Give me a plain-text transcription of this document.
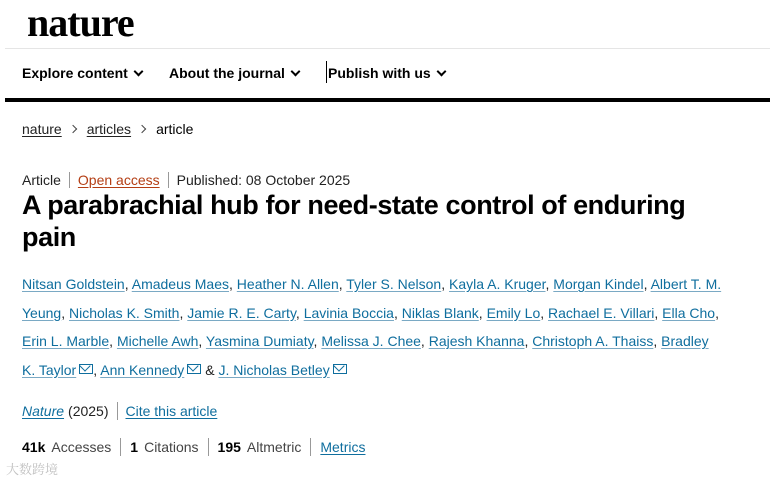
nature
Explore content	About the journal	Publish with us
nature articles article
Article Open access Published: 08 October 2025
A parabrachial hub for need-state control of enduring pain
Nitsan Goldstein, Amadeus Maes, Heather N. Allen, Tyler S. Nelson, Kayla A. Kruger, Morgan Kindel, Albert T. M. Yeung, Nicholas K. Smith, Jamie R. E. Carty, Lavinia Boccia, Niklas Blank, Emily Lo, Rachael E. Villari, Ella Cho, Erin L. Marble, Michelle Awh, Yasmina Dumiaty, Melissa J. Chee, Rajesh Khanna, Christoph A. Thaiss, Bradley K. Taylor , Ann Kennedy & J. Nicholas Betley
Nature (2025) Cite this article
41k Accesses 1 Citations 195 Altmetric Metrics
大数跨境
